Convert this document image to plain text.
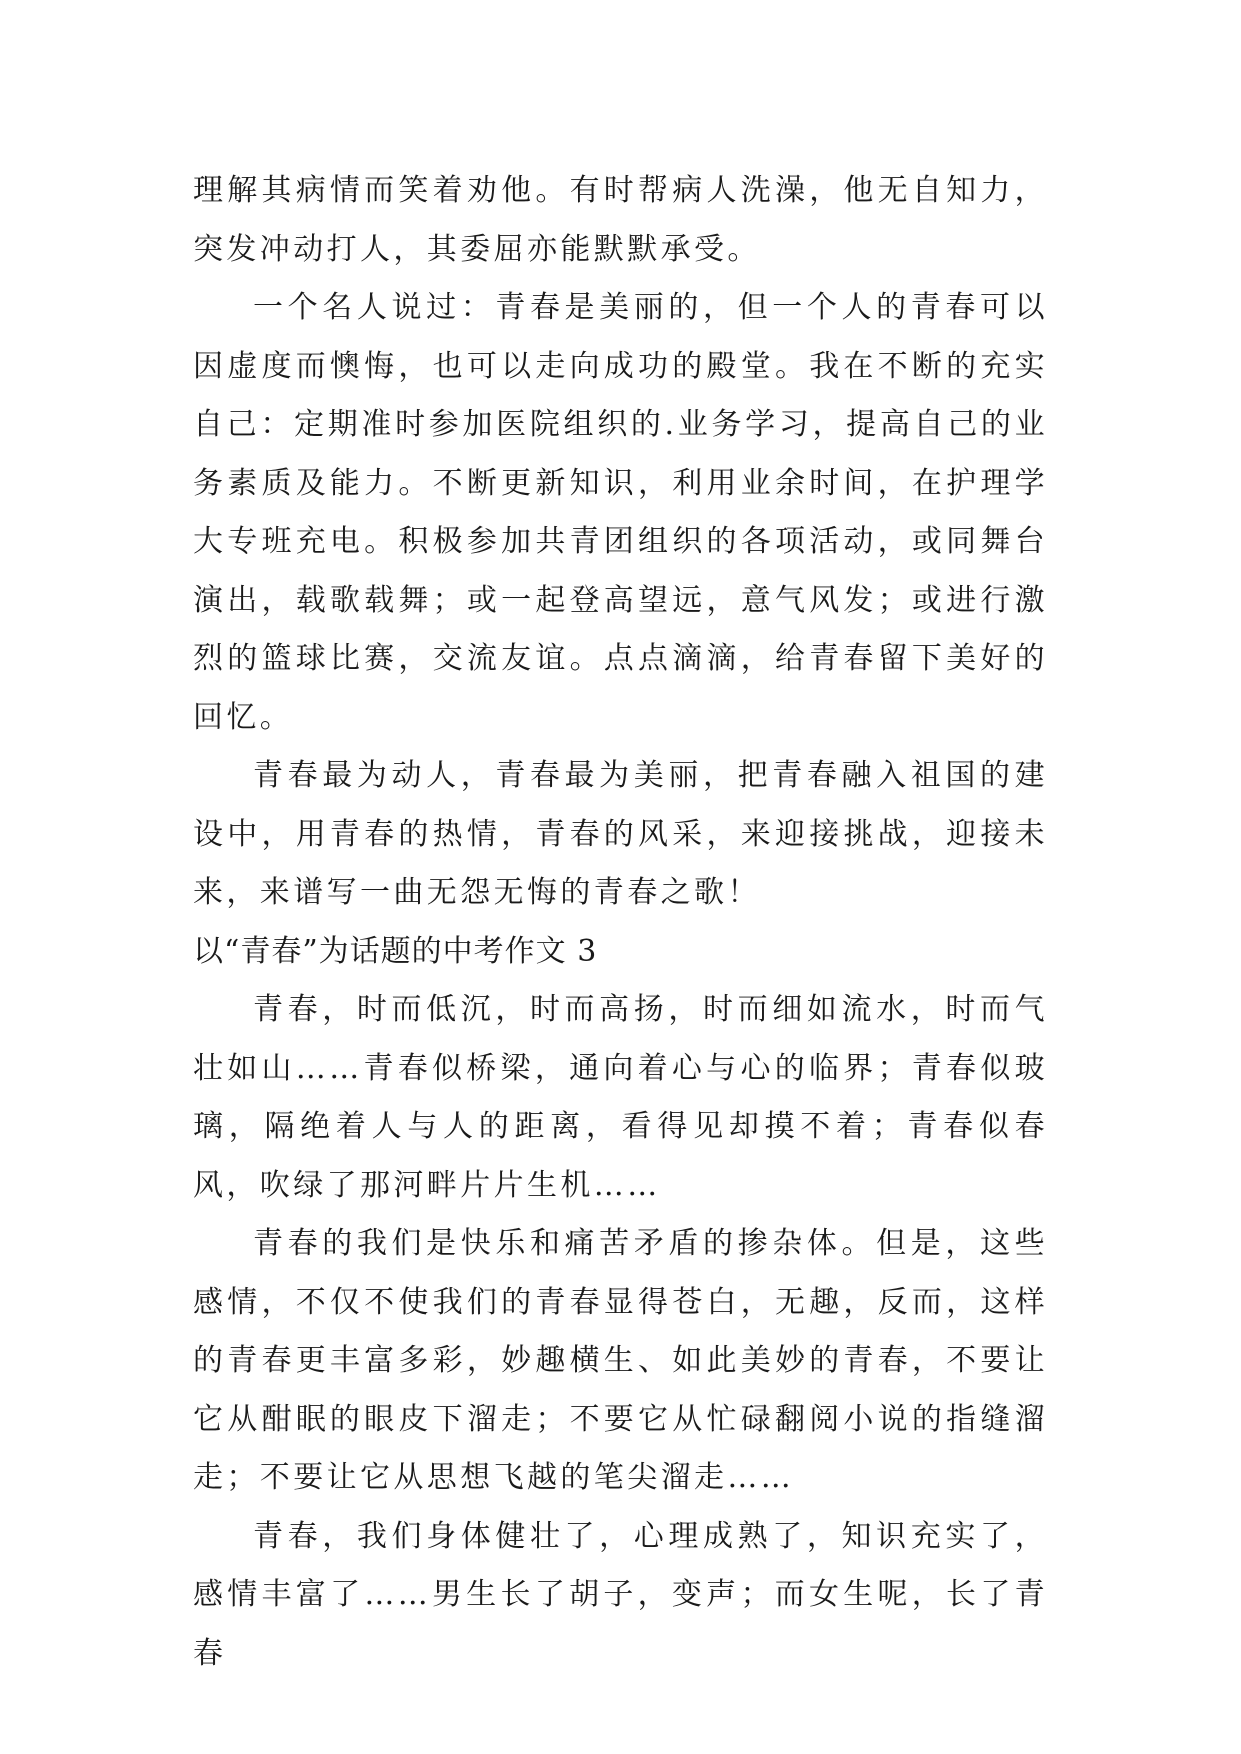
理解其病情而笑着劝他。有时帮病人洗澡，他无自知力，突发冲动打人，其委屈亦能默默承受。

一个名人说过：青春是美丽的，但一个人的青春可以因虚度而懊悔，也可以走向成功的殿堂。我在不断的充实自己：定期准时参加医院组织的.业务学习，提高自己的业务素质及能力。不断更新知识，利用业余时间，在护理学大专班充电。积极参加共青团组织的各项活动，或同舞台演出，载歌载舞；或一起登高望远，意气风发；或进行激烈的篮球比赛，交流友谊。点点滴滴，给青春留下美好的回忆。

青春最为动人，青春最为美丽，把青春融入祖国的建设中，用青春的热情，青春的风采，来迎接挑战，迎接未来，来谱写一曲无怨无悔的青春之歌！

以“青春”为话题的中考作文 3

青春，时而低沉，时而高扬，时而细如流水，时而气壮如山……青春似桥梁，通向着心与心的临界；青春似玻璃，隔绝着人与人的距离，看得见却摸不着；青春似春风，吹绿了那河畔片片生机……

青春的我们是快乐和痛苦矛盾的掺杂体。但是，这些感情，不仅不使我们的青春显得苍白，无趣，反而，这样的青春更丰富多彩，妙趣横生、如此美妙的青春，不要让它从酣眠的眼皮下溜走；不要它从忙碌翻阅小说的指缝溜走；不要让它从思想飞越的笔尖溜走……

青春，我们身体健壮了，心理成熟了，知识充实了，感情丰富了……男生长了胡子，变声；而女生呢，长了青春
